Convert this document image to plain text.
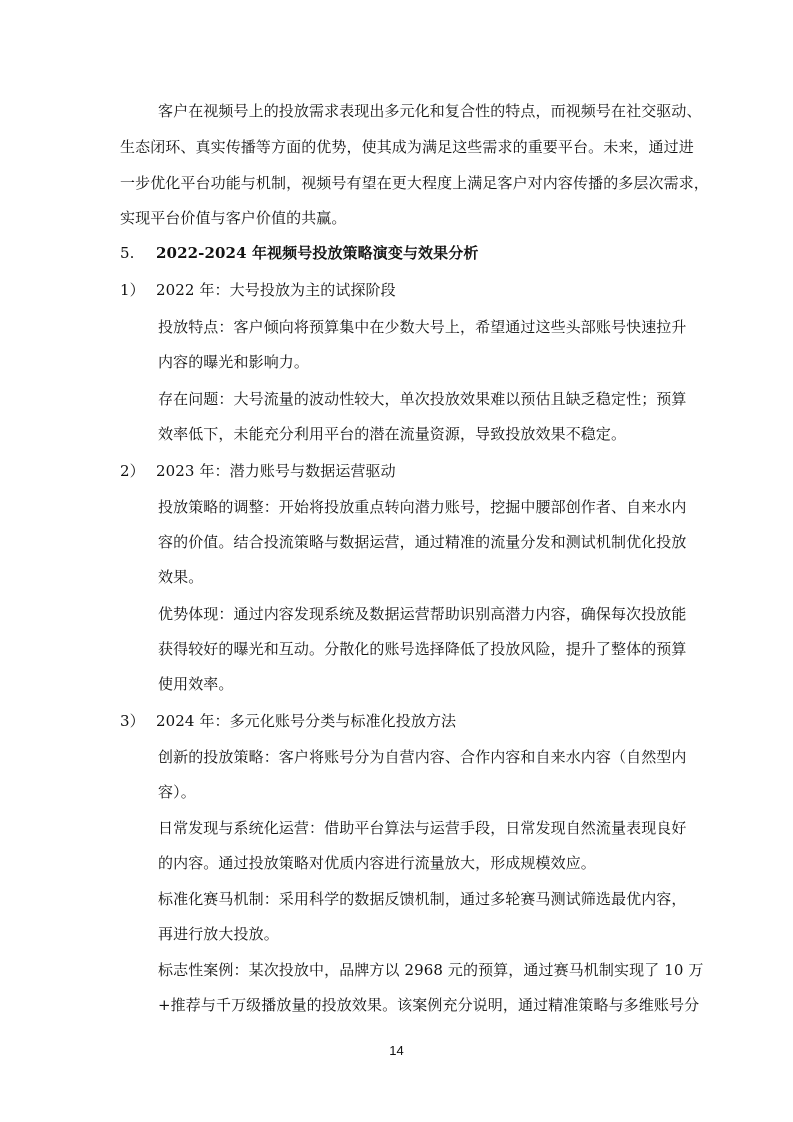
客户在视频号上的投放需求表现出多元化和复合性的特点，而视频号在社交驱动、
生态闭环、真实传播等方面的优势，使其成为满足这些需求的重要平台。未来，通过进
一步优化平台功能与机制，视频号有望在更大程度上满足客户对内容传播的多层次需求，
实现平台价值与客户价值的共赢。
5. 2022-2024 年视频号投放策略演变与效果分析
1） 2022 年：大号投放为主的试探阶段
投放特点：客户倾向将预算集中在少数大号上，希望通过这些头部账号快速拉升
内容的曝光和影响力。
存在问题：大号流量的波动性较大，单次投放效果难以预估且缺乏稳定性；预算
效率低下，未能充分利用平台的潜在流量资源，导致投放效果不稳定。
2） 2023 年：潜力账号与数据运营驱动
投放策略的调整：开始将投放重点转向潜力账号，挖掘中腰部创作者、自来水内
容的价值。结合投流策略与数据运营，通过精准的流量分发和测试机制优化投放
效果。
优势体现：通过内容发现系统及数据运营帮助识别高潜力内容，确保每次投放能
获得较好的曝光和互动。分散化的账号选择降低了投放风险，提升了整体的预算
使用效率。
3） 2024 年：多元化账号分类与标准化投放方法
创新的投放策略：客户将账号分为自营内容、合作内容和自来水内容（自然型内
容）。
日常发现与系统化运营：借助平台算法与运营手段，日常发现自然流量表现良好
的内容。通过投放策略对优质内容进行流量放大，形成规模效应。
标准化赛马机制：采用科学的数据反馈机制，通过多轮赛马测试筛选最优内容，
再进行放大投放。
标志性案例：某次投放中，品牌方以 2968 元的预算，通过赛马机制实现了 10 万
+推荐与千万级播放量的投放效果。该案例充分说明，通过精准策略与多维账号分
14
